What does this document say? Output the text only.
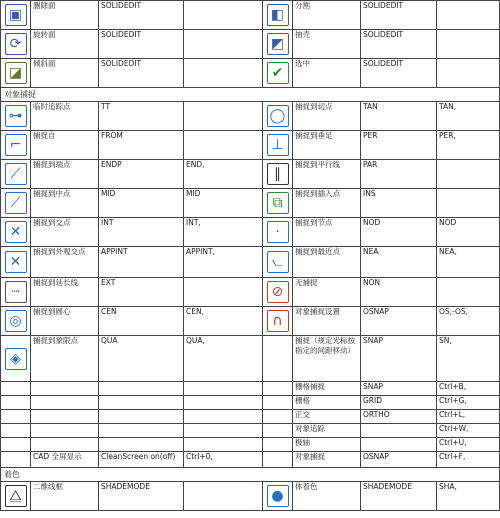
▣	删除面	SOLIDEDIT		◧	分割	SOLIDEDIT	
⟳	旋转面	SOLIDEDIT		◩	抽壳	SOLIDEDIT	
◪	倾斜面	SOLIDEDIT		✔	选中	SOLIDEDIT	
对象捕捉							
⊶	临时追踪点	TT		◯	捕捉到切点	TAN	TAN,
⌐	捕捉自	FROM		⊥	捕捉到垂足	PER	PER,
⟋	捕捉到端点	ENDP	END,	∥	捕捉到平行线	PAR	
⟋	捕捉到中点	MID	MID	⧉	捕捉到插入点	INS	
✕	捕捉到交点	INT	INT,	·	捕捉到节点	NOD	NOD
✕	捕捉到外观交点	APPINT	APPINT,	⦦	捕捉到最近点	NEA	NEA,
┈	捕捉到延长线	EXT		⊘	无捕捉	NON	
◎	捕捉到圆心	CEN	CEN,	∩	对象捕捉设置	OSNAP	OS,-OS,
◈	捕捉到象限点	QUA	QUA,		捕捉（规定光标按指定的间距移动）	SNAP	SN,
					栅格捕捉	SNAP	Ctrl+B,
					栅格	GRID	Ctrl+G,
					正交	ORTHO	Ctrl+L,
					对象追踪		Ctrl+W,
					极轴		Ctrl+U,
	CAD 全屏显示	CleanScreen on(off)	Ctrl+0,		对象捕捉	OSNAP	Ctrl+F,
着色							
⧋	二维线框	SHADEMODE		●	体着色	SHADEMODE	SHA,
